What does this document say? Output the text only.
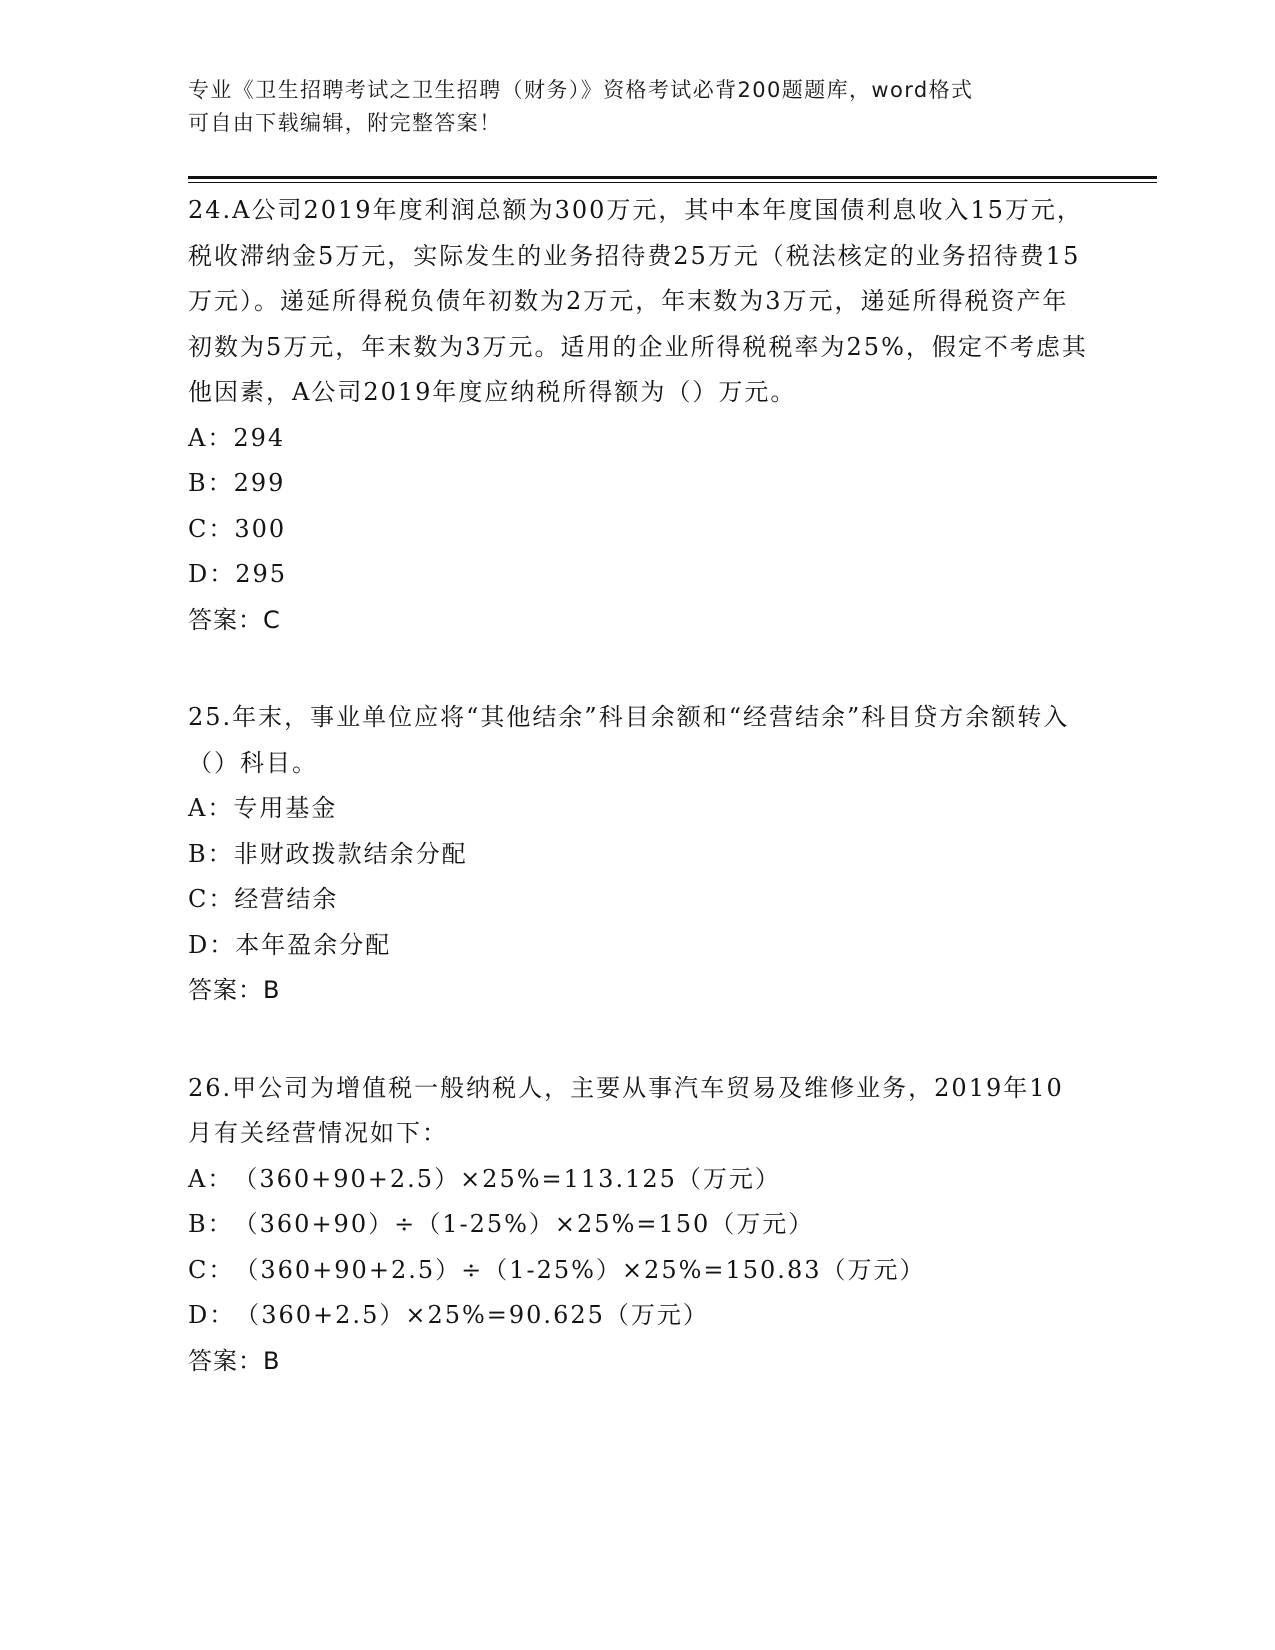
专业《卫生招聘考试之卫生招聘（财务）》资格考试必背200题题库，word格式

可自由下载编辑，附完整答案！

24.A公司2019年度利润总额为300万元，其中本年度国债利息收入15万元，税收滞纳金5万元，实际发生的业务招待费25万元（税法核定的业务招待费15万元）。递延所得税负债年初数为2万元，年末数为3万元，递延所得税资产年初数为5万元，年末数为3万元。适用的企业所得税税率为25%，假定不考虑其他因素，A公司2019年度应纳税所得额为（）万元。

A：294

B：299

C：300

D：295

答案：C

25.年末，事业单位应将“其他结余”科目余额和“经营结余”科目贷方余额转入（）科目。

A：专用基金

B：非财政拨款结余分配

C：经营结余

D：本年盈余分配

答案：B

26.甲公司为增值税一般纳税人，主要从事汽车贸易及维修业务，2019年10月有关经营情况如下：

A：（360+90+2.5）×25%=113.125（万元）

B：（360+90）÷（1-25%）×25%=150（万元）

C：（360+90+2.5）÷（1-25%）×25%=150.83（万元）

D：（360+2.5）×25%=90.625（万元）

答案：B
